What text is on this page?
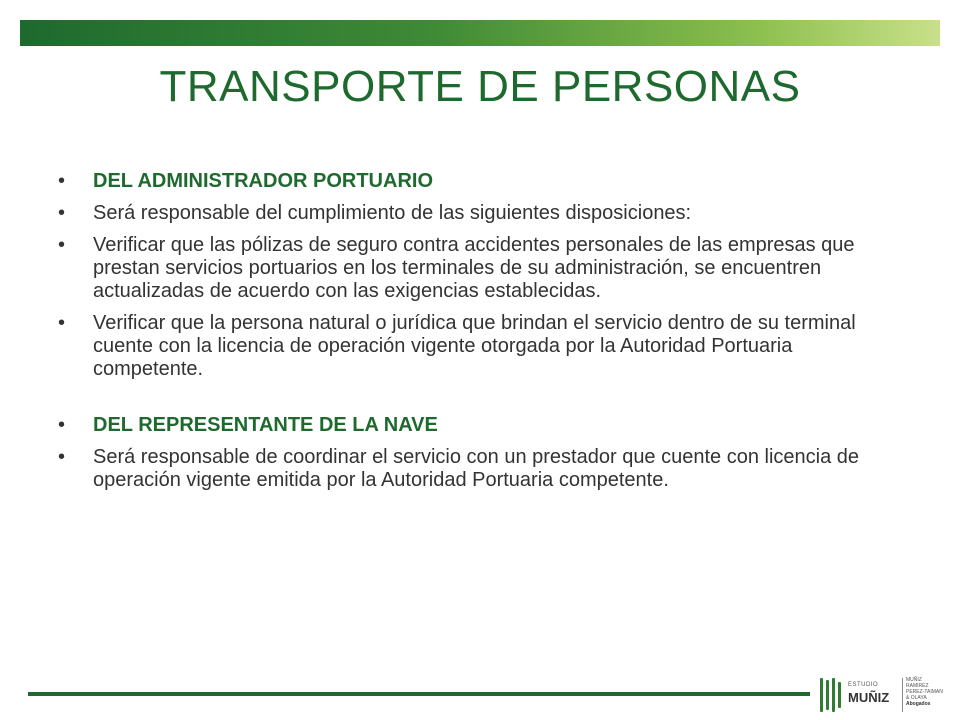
TRANSPORTE DE PERSONAS
• DEL ADMINISTRADOR PORTUARIO
• Será responsable del cumplimiento de las siguientes disposiciones:
• Verificar que las pólizas de seguro contra accidentes personales de las empresas que prestan servicios portuarios en los terminales de su administración, se encuentren actualizadas de acuerdo con las exigencias establecidas.
• Verificar que la persona natural o jurídica que brindan el servicio dentro de su terminal cuente con la licencia de operación vigente otorgada por la Autoridad Portuaria competente.
• DEL REPRESENTANTE DE LA NAVE
• Será responsable de coordinar el servicio con un prestador que cuente con licencia de operación vigente emitida por la Autoridad Portuaria competente.
ESTUDIO
MUÑIZ
MUÑIZ
RAMIREZ
PEREZ-TAIMAN
& OLAYA
Abogados
